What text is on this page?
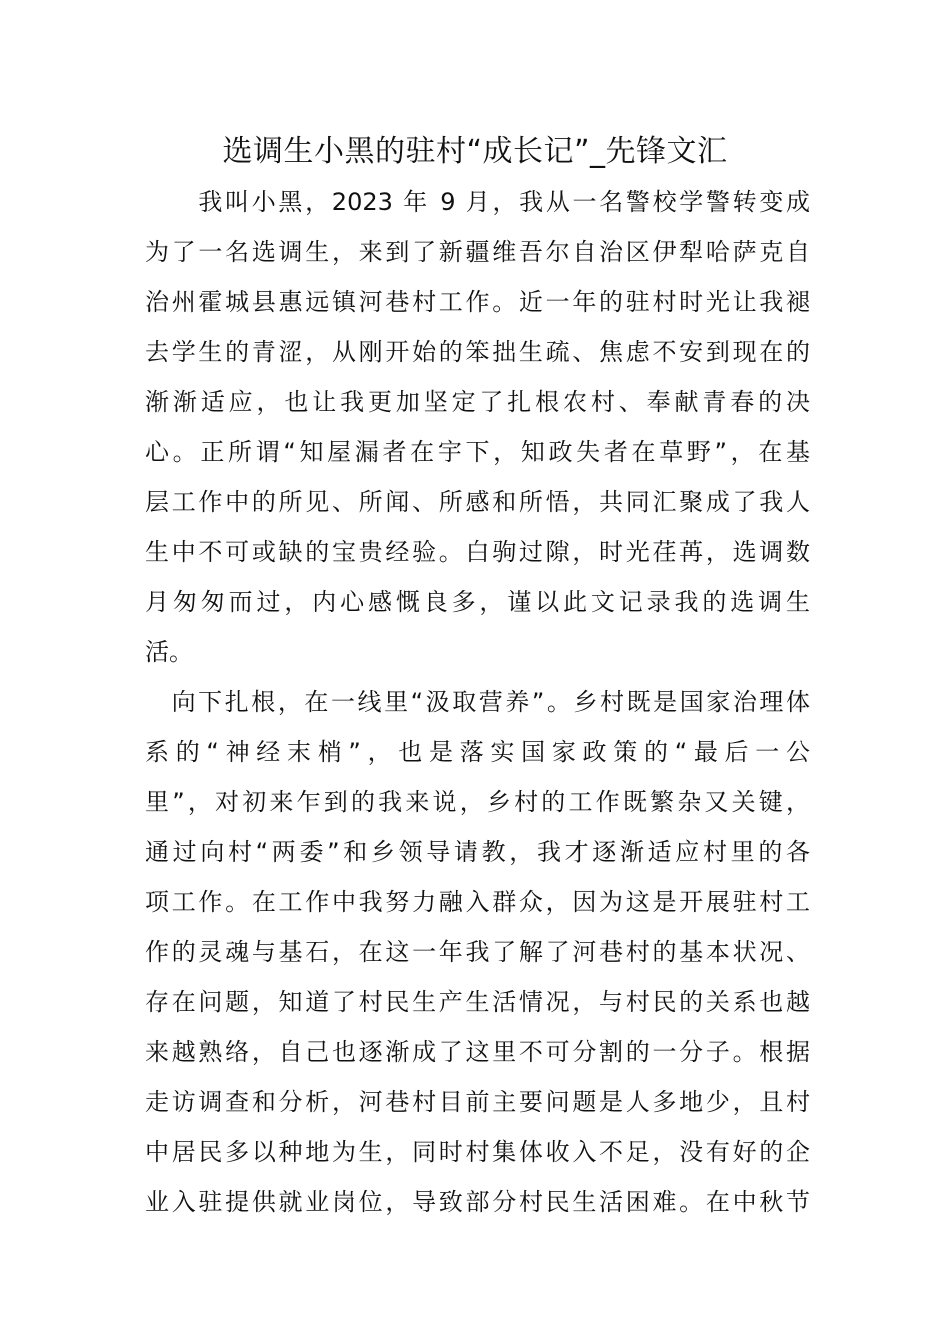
选调生小黑的驻村“成长记”_先锋文汇
　　我叫小黑，2023 年 9 月，我从一名警校学警转变成
为了一名选调生，来到了新疆维吾尔自治区伊犁哈萨克自
治州霍城县惠远镇河巷村工作。近一年的驻村时光让我褪
去学生的青涩，从刚开始的笨拙生疏、焦虑不安到现在的
渐渐适应，也让我更加坚定了扎根农村、奉献青春的决
心。正所谓“知屋漏者在宇下，知政失者在草野”，在基
层工作中的所见、所闻、所感和所悟，共同汇聚成了我人
生中不可或缺的宝贵经验。白驹过隙，时光荏苒，选调数
月匆匆而过，内心感慨良多，谨以此文记录我的选调生
活。
　向下扎根，在一线里“汲取营养”。乡村既是国家治理体
系的“神经末梢”，也是落实国家政策的“最后一公
里”，对初来乍到的我来说，乡村的工作既繁杂又关键，
通过向村“两委”和乡领导请教，我才逐渐适应村里的各
项工作。在工作中我努力融入群众，因为这是开展驻村工
作的灵魂与基石，在这一年我了解了河巷村的基本状况、
存在问题，知道了村民生产生活情况，与村民的关系也越
来越熟络，自己也逐渐成了这里不可分割的一分子。根据
走访调查和分析，河巷村目前主要问题是人多地少，且村
中居民多以种地为生，同时村集体收入不足，没有好的企
业入驻提供就业岗位，导致部分村民生活困难。在中秋节
